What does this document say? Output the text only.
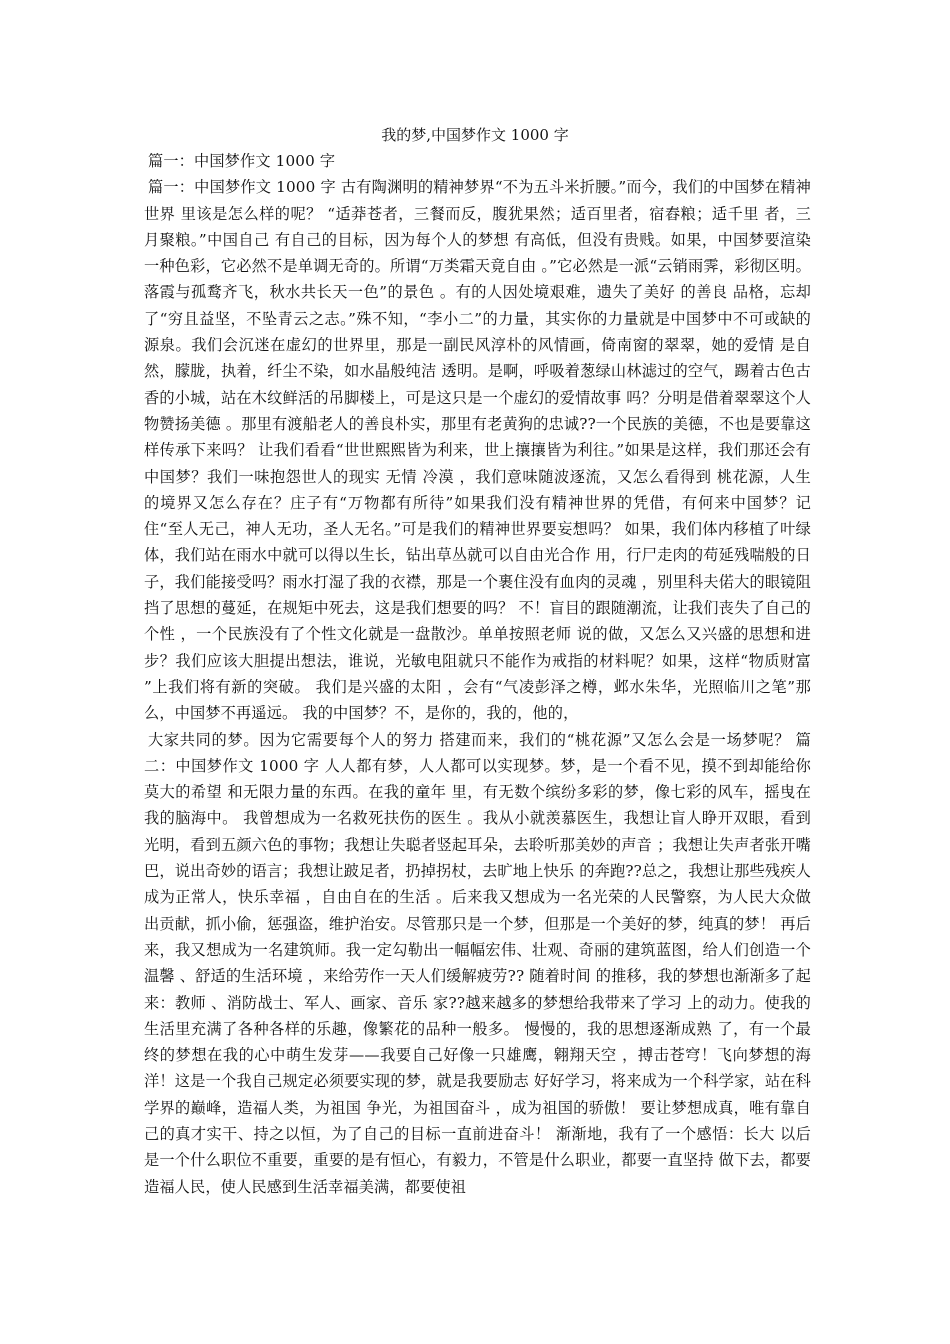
我的梦,中国梦作文 1000 字

篇一：中国梦作文 1000 字

篇一：中国梦作文 1000 字 古有陶渊明的精神梦界“不为五斗米折腰。”而今，我们的中国梦在精神世界 里该是怎么样的呢？ “适莽苍者，三餐而反，腹犹果然；适百里者，宿舂粮；适千里 者，三月聚粮。”中国自己 有自己的目标，因为每个人的梦想 有高低，但没有贵贱。如果，中国梦要渲染一种色彩，它必然不是单调无奇的。所谓“万类霜天竟自由 。”它必然是一派“云销雨霁，彩彻区明。落霞与孤鹜齐飞，秋水共长天一色”的景色 。有的人因处境艰难，遗失了美好 的善良 品格，忘却了“穷且益坚，不坠青云之志。”殊不知，“李小二”的力量，其实你的力量就是中国梦中不可或缺的源泉。我们会沉迷在虚幻的世界里，那是一副民风淳朴的风情画，倚南窗的翠翠，她的爱情 是自然，朦胧，执着，纤尘不染，如水晶般纯洁 透明。是啊，呼吸着葱绿山林滤过的空气，踢着古色古香的小城，站在木纹鲜活的吊脚楼上，可是这只是一个虚幻的爱情故事 吗？分明是借着翠翠这个人物赞扬美德 。那里有渡船老人的善良朴实，那里有老黄狗的忠诚??一个民族的美德，不也是要靠这样传承下来吗？ 让我们看看“世世熙熙皆为利来，世上攘攘皆为利往。”如果是这样，我们那还会有中国梦？我们一味抱怨世人的现实 无情 冷漠 ，我们意味随波逐流，又怎么看得到 桃花源，人生 的境界又怎么存在？庄子有“万物都有所待”如果我们没有精神世界的凭借，有何来中国梦？记住“至人无己，神人无功，圣人无名。”可是我们的精神世界要妄想吗？ 如果，我们体内移植了叶绿体，我们站在雨水中就可以得以生长，钻出草丛就可以自由光合作 用，行尸走肉的苟延残喘般的日子，我们能接受吗？雨水打湿了我的衣襟，那是一个裹住没有血肉的灵魂 ，别里科夫偌大的眼镜阻挡了思想的蔓延，在规矩中死去，这是我们想要的吗？ 不！盲目的跟随潮流，让我们丧失了自己的个性 ，一个民族没有了个性文化就是一盘散沙。单单按照老师 说的做，又怎么又兴盛的思想和进步？我们应该大胆提出想法，谁说，光敏电阻就只不能作为戒指的材料呢？如果，这样“物质财富 ”上我们将有新的突破。 我们是兴盛的太阳 ，会有“气凌彭泽之樽，邺水朱华，光照临川之笔”那么，中国梦不再遥远。 我的中国梦？不，是你的，我的，他的，

大家共同的梦。因为它需要每个人的努力 搭建而来，我们的“桃花源”又怎么会是一场梦呢？ 篇二：中国梦作文 1000 字 人人都有梦，人人都可以实现梦。梦，是一个看不见，摸不到却能给你莫大的希望 和无限力量的东西。在我的童年 里，有无数个缤纷多彩的梦，像七彩的风车，摇曳在我的脑海中。 我曾想成为一名救死扶伤的医生 。我从小就羡慕医生，我想让盲人睁开双眼，看到光明，看到五颜六色的事物；我想让失聪者竖起耳朵，去聆听那美妙的声音 ；我想让失声者张开嘴巴，说出奇妙的语言；我想让跛足者，扔掉拐杖，去旷地上快乐 的奔跑??总之，我想让那些残疾人成为正常人，快乐幸福 ，自由自在的生活 。后来我又想成为一名光荣的人民警察，为人民大众做出贡献，抓小偷，惩强盗，维护治安。尽管那只是一个梦，但那是一个美好的梦，纯真的梦！ 再后来，我又想成为一名建筑师。我一定勾勒出一幅幅宏伟、壮观、奇丽的建筑蓝图，给人们创造一个温馨 、舒适的生活环境 ，来给劳作一天人们缓解疲劳?? 随着时间 的推移，我的梦想也渐渐多了起来：教师 、消防战士、军人、画家、音乐 家??越来越多的梦想给我带来了学习 上的动力。使我的生活里充满了各种各样的乐趣，像繁花的品种一般多。 慢慢的，我的思想逐渐成熟 了，有一个最终的梦想在我的心中萌生发芽——我要自己好像一只雄鹰，翱翔天空 ，搏击苍穹！飞向梦想的海洋！这是一个我自己规定必须要实现的梦，就是我要励志 好好学习，将来成为一个科学家，站在科学界的巅峰，造福人类，为祖国 争光，为祖国奋斗 ，成为祖国的骄傲！ 要让梦想成真，唯有靠自己的真才实干、持之以恒，为了自己的目标一直前进奋斗！ 渐渐地，我有了一个感悟：长大 以后是一个什么职位不重要，重要的是有恒心，有毅力，不管是什么职业，都要一直坚持 做下去，都要造福人民，使人民感到生活幸福美满，都要使祖
